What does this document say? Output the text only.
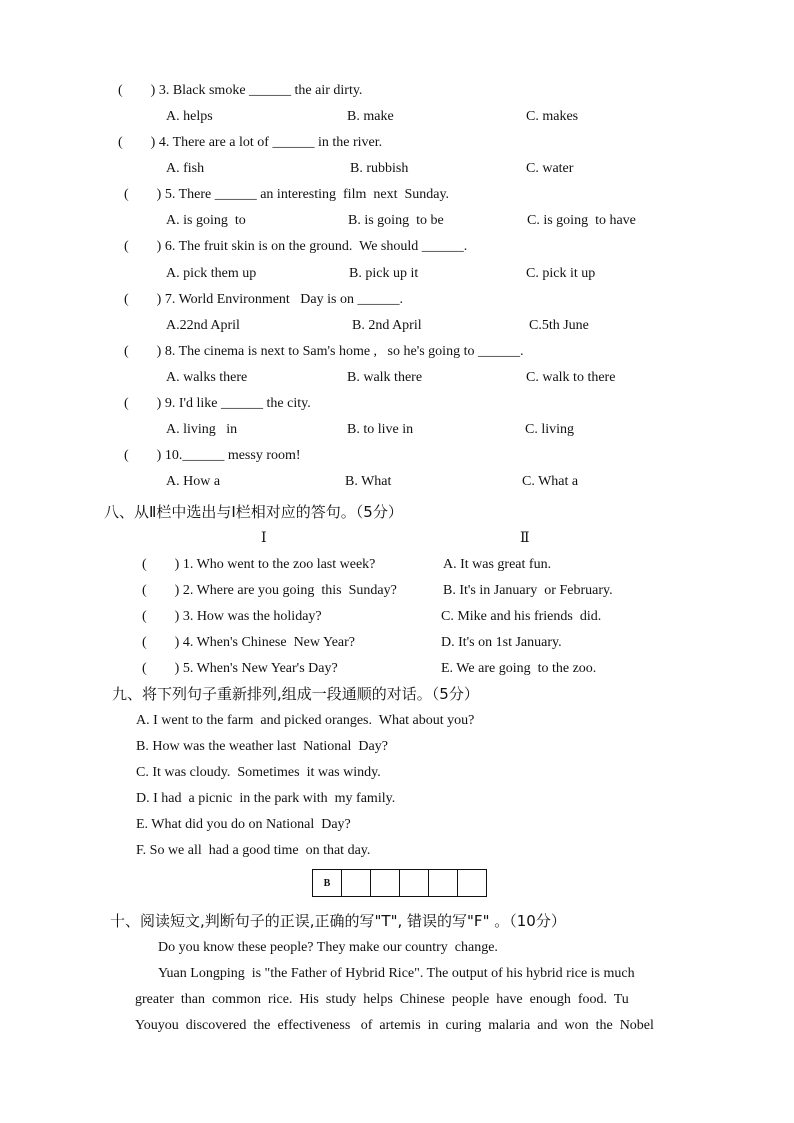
(　　) 3. Black smoke ______ the air dirty.
A. helps	B. make	C. makes
(　　) 4. There are a lot of ______ in the river.
A. fish	B. rubbish	C. water
(　　) 5. There ______ an interesting  film  next  Sunday.
A. is going  to	B. is going  to be	C. is going  to have
(　　) 6. The fruit skin is on the ground.  We should ______.
A. pick them up	B. pick up it	C. pick it up
(　　) 7. World Environment   Day is on ______.
A.22nd April	B. 2nd April	C.5th June
(　　) 8. The cinema is next to Sam's home ,   so he's going to ______.
A. walks there	B. walk there	C. walk to there
(　　) 9. I'd like ______ the city.
A. living   in	B. to live in	C. living
(　　) 10.______ messy room!
A. How a	B. What	C. What a
八、从Ⅱ栏中选出与Ⅰ栏相对应的答句。（5分）
Ⅰ	Ⅱ
(　　) 1. Who went to the zoo last week?	A. It was great fun.
(　　) 2. Where are you going  this  Sunday?	B. It's in January  or February.
(　　) 3. How was the holiday?	C. Mike and his friends  did.
(　　) 4. When's Chinese  New Year?	D. It's on 1st January.
(　　) 5. When's New Year's Day?	E. We are going  to the zoo.
九、将下列句子重新排列,组成一段通顺的对话。（5分）
A. I went to the farm  and picked oranges.  What about you?
B. How was the weather last  National  Day?
C. It was cloudy.  Sometimes  it was windy.
D. I had  a picnic  in the park with  my family.
E. What did you do on National  Day?
F. So we all  had a good time  on that day.
B					
十、阅读短文,判断句子的正误,正确的写"T", 错误的写"F" 。（10分）
Do you know these people? They make our country  change.
Yuan Longping  is "the Father of Hybrid Rice". The output of his hybrid rice is much
greater  than  common  rice.  His  study  helps  Chinese  people  have  enough  food.  Tu
Youyou  discovered  the  effectiveness   of  artemis  in  curing  malaria  and  won  the  Nobel
